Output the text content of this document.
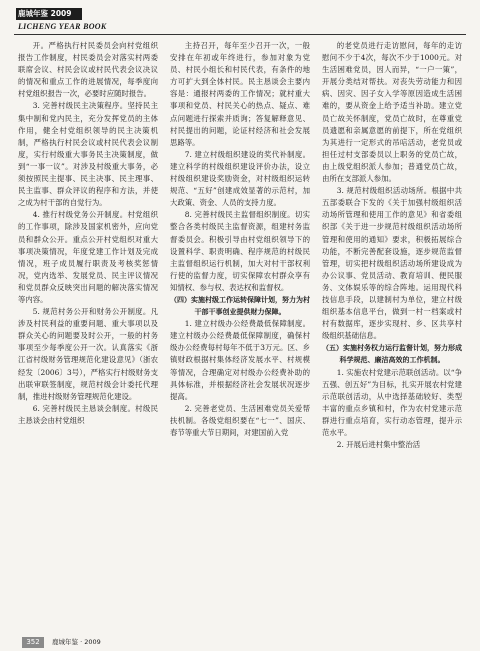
鹿城年鉴 2009
LICHENG YEAR BOOK

开。严格执行村民委员会向村党组织报告工作制度，村民委员会对落实村两委联席会议、村民会议或村民代表会议决议的情况和重点工作的进展情况，每季度向村党组织报告一次，必要时应随时报告。

3. 完善村级民主决策程序。坚持民主集中制和党内民主，充分发挥党员的主体作用，健全村党组织领导的民主决策机制，严格执行村民会议或村民代表会议制度，实行村级重大事务民主决策制度，做到“一事一议”。对涉及村级重大事务，必须按照民主提事、民主决事、民主理事、民主监事、群众评议的程序和方法，并使之成为村干部的自觉行为。

4. 推行村级党务公开制度。村党组织的工作事项，除涉及国家机密外，应向党员和群众公开。重点公开村党组织对重大事项决策情况，年度党建工作计划及完成情况，班子成员履行职责及考核奖惩情况，党内选举、发展党员、民主评议情况和党员群众反映突出问题的解决落实情况等内容。

5. 规范村务公开和财务公开制度。凡涉及村民利益的重要问题、重大事项以及群众关心的问题要及时公开，一般的村务事项至少每季度公开一次。认真落实《浙江省村级财务管理规范化建设意见》（浙农经发〔2006〕3号），严格实行村级财务支出联审联签制度，规范村级会计委托代理制，推进村级财务管理规范化建设。

6. 完善村级民主恳谈会制度。村级民主恳谈会由村党组织

主持召开，每年至少召开一次，一般安排在年初或年终进行，参加对象为党员、村民小组长和村民代表，有条件的地方可扩大到全体村民。民主恳谈会主要内容是：通报村两委的工作情况；就村重大事项和党员、村民关心的热点、疑点、难点问题进行探索并质询；答复解释意见、村民提出的问题，论证村经济和社会发展思路等。

7. 建立村级组织建设的奖代补制度。建立科学的村级组织建设评价办法，设立村级组织建设奖励资金，对村级组织运转规范、“五好”创建成效显著的示范村，加大政策、资金、人员的支持力度。

8. 完善村级民主监督组织制度。切实整合各类村级民主监督资源，组建村务监督委员会。积极引导由村党组织领导下的设置科学、职责明确、程序规范的村级民主监督组织运行机制，加大对村干部权利行使的监督力度，切实保障农村群众享有知情权、参与权、表达权和监督权。

（四）实施村级工作运转保障计划，努力为村干部干事创业提供财力保障。

1. 建立村级办公经费最低保障制度。建立村级办公经费最低保障制度，确保村级办公经费每村每年不低于3万元。区、乡镇财政根据村集体经济发展水平、村规模等情况，合理确定对村级办公经费补助的具体标准，并根据经济社会发展状况逐步提高。

2. 完善老党员、生活困难党员关爱帮扶机制。各级党组织要在“七一”、国庆、春节等重大节日期间，对建国前入党

的老党员进行走访慰问，每年的走访慰问不少于4次，每次不少于1000元。对生活困难党员，因人而异，“一户一策”，开展分类结对帮扶。对丧失劳动能力和因病、因灾、因子女入学等原因造成生活困难的，要从资金上给予适当补助。建立党员亡故关怀制度，党员亡故时，在尊重党员遗愿和亲属意愿的前提下，所在党组织为其进行一定形式的吊唁活动，老党员或担任过村支部委员以上职务的党员亡故，由上级党组织派人参加；普通党员亡故，由所在支部派人参加。

3. 规范村级组织活动场所。根据中共五部委联合下发的《关于加强村级组织活动场所管理和使用工作的意见》和省委组织部《关于进一步规范村级组织活动场所管理和使用的通知》要求，积极拓展综合功能，不断完善配套设施，逐步规范监督管理，切实把村级组织活动场所建设成为办公议事、党员活动、教育培训、便民服务、文体娱乐等的综合阵地。运用现代科技信息手段，以建制村为单位，建立村级组织基本信息平台，做到一村一档案或村村有数据库，逐步实现村、乡、区共享村级组织基础信息。

（五）实施村务权力运行监督计划，努力形成科学规范、廉洁高效的工作机制。

1. 实施农村党建示范联创活动。以“争五强、创五好”为目标，扎实开展农村党建示范联创活动，从中选择基础较好、类型丰富的重点乡镇和村，作为农村党建示范群进行重点培育，实行动态管理，提升示范水平。

2. 开展后进村集中整治活

352	鹿城年鉴 · 2009
